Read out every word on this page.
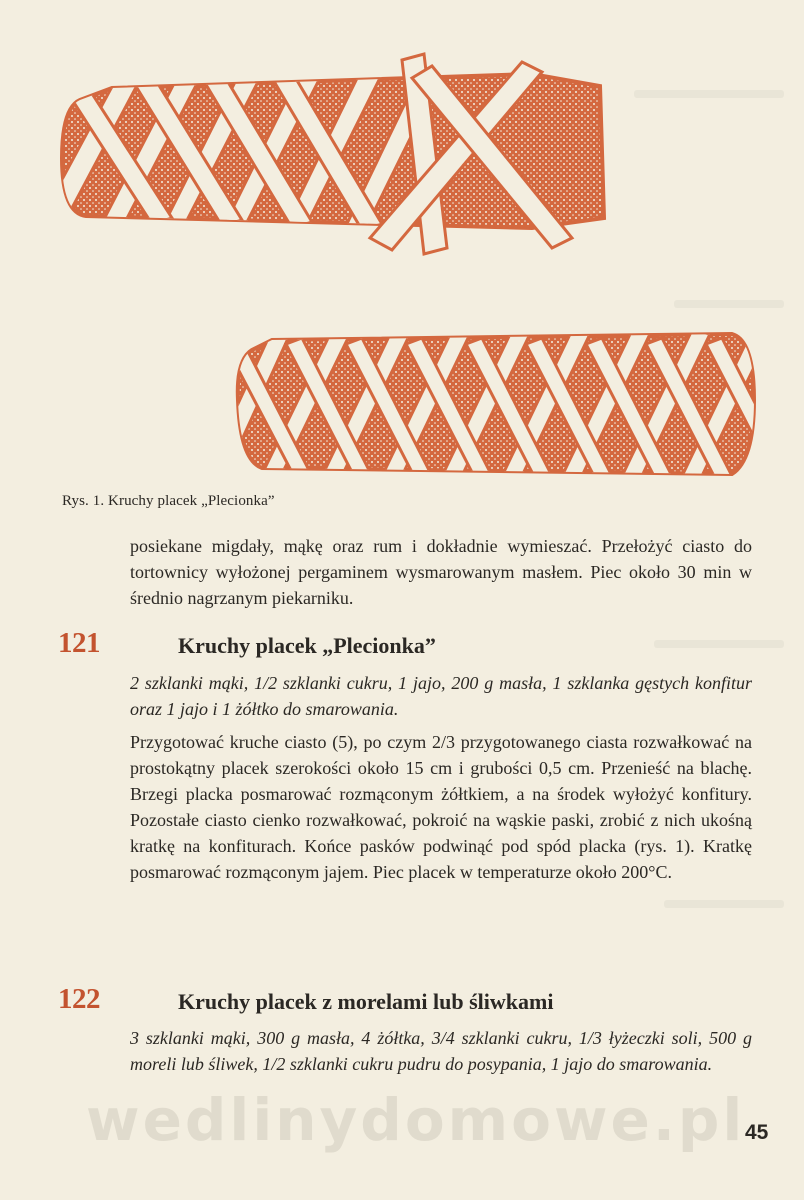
Rys. 1. Kruchy placek „Plecionka”

posiekane migdały, mąkę oraz rum i dokładnie wymieszać. Przełożyć ciasto do tortownicy wyłożonej pergaminem wysmarowanym masłem. Piec około 30 min w średnio nagrzanym piekarniku.

121	Kruchy placek „Plecionka”

2 szklanki mąki, 1/2 szklanki cukru, 1 jajo, 200 g masła, 1 szklanka gęstych konfitur oraz 1 jajo i 1 żółtko do smarowania.

Przygotować kruche ciasto (5), po czym 2/3 przygotowanego ciasta rozwałkować na prostokątny placek szerokości około 15 cm i grubości 0,5 cm. Przenieść na blachę. Brzegi placka posmarować rozmąconym żółtkiem, a na środek wyłożyć konfitury. Pozostałe ciasto cienko rozwałkować, pokroić na wąskie paski, zrobić z nich ukośną kratkę na konfiturach. Końce pasków podwinąć pod spód placka (rys. 1). Kratkę posmarować rozmąconym jajem. Piec placek w temperaturze około 200°C.

122	Kruchy placek z morelami lub śliwkami

3 szklanki mąki, 300 g masła, 4 żółtka, 3/4 szklanki cukru, 1/3 łyżeczki soli, 500 g moreli lub śliwek, 1/2 szklanki cukru pudru do posypania, 1 jajo do smarowania.

wedlinydomowe.pl 45
